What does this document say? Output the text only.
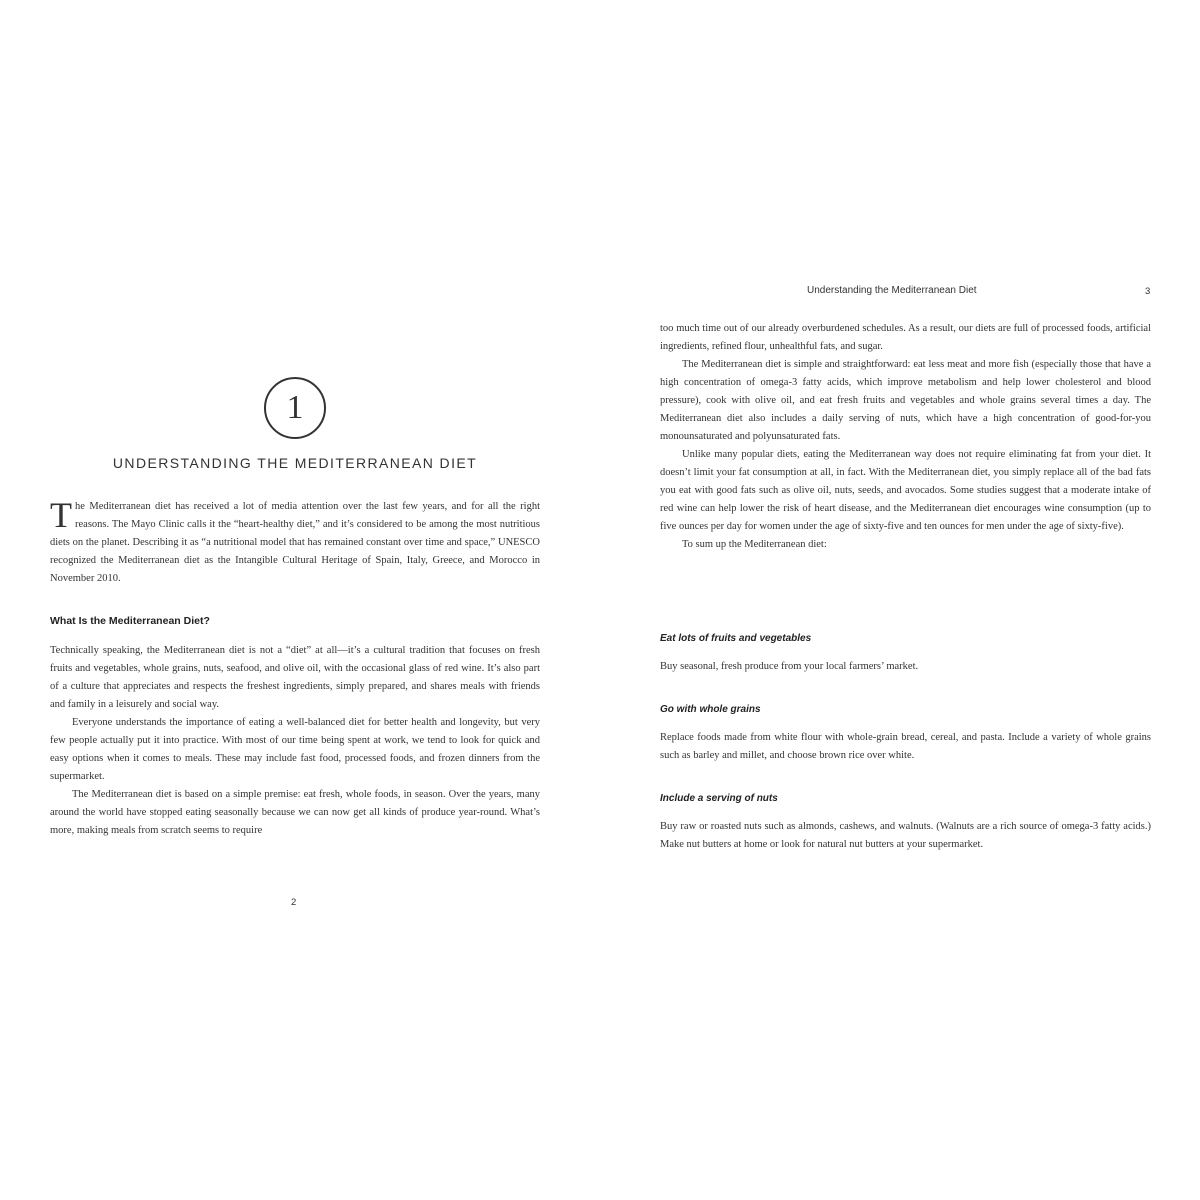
1
UNDERSTANDING THE MEDITERRANEAN DIET

The Mediterranean diet has received a lot of media attention over the last few years, and for all the right reasons. The Mayo Clinic calls it the “heart-healthy diet,” and it’s considered to be among the most nutritious diets on the planet. Describing it as “a nutritional model that has remained constant over time and space,” UNESCO recognized the Mediterranean diet as the Intangible Cultural Heritage of Spain, Italy, Greece, and Morocco in November 2010.

What Is the Mediterranean Diet?

Technically speaking, the Mediterranean diet is not a “diet” at all—it’s a cultural tradition that focuses on fresh fruits and vegetables, whole grains, nuts, seafood, and olive oil, with the occasional glass of red wine. It’s also part of a culture that appreciates and respects the freshest ingredients, simply prepared, and shares meals with friends and family in a leisurely and social way.

Everyone understands the importance of eating a well-balanced diet for better health and longevity, but very few people actually put it into practice. With most of our time being spent at work, we tend to look for quick and easy options when it comes to meals. These may include fast food, processed foods, and frozen dinners from the supermarket.

The Mediterranean diet is based on a simple premise: eat fresh, whole foods, in season. Over the years, many around the world have stopped eating seasonally because we can now get all kinds of produce year-round. What’s more, making meals from scratch seems to require

2
Understanding the Mediterranean Diet	3

too much time out of our already overburdened schedules. As a result, our diets are full of processed foods, artificial ingredients, refined flour, unhealthful fats, and sugar.

The Mediterranean diet is simple and straightforward: eat less meat and more fish (especially those that have a high concentration of omega-3 fatty acids, which improve metabolism and help lower cholesterol and blood pressure), cook with olive oil, and eat fresh fruits and vegetables and whole grains several times a day. The Mediterranean diet also includes a daily serving of nuts, which have a high concentration of good-for-you monounsaturated and polyunsaturated fats.

Unlike many popular diets, eating the Mediterranean way does not require eliminating fat from your diet. It doesn’t limit your fat consumption at all, in fact. With the Mediterranean diet, you simply replace all of the bad fats you eat with good fats such as olive oil, nuts, seeds, and avocados. Some studies suggest that a moderate intake of red wine can help lower the risk of heart disease, and the Mediterranean diet encourages wine consumption (up to five ounces per day for women under the age of sixty-five and ten ounces for men under the age of sixty-five).

To sum up the Mediterranean diet:

Eat lots of fruits and vegetables

Buy seasonal, fresh produce from your local farmers’ market.

Go with whole grains

Replace foods made from white flour with whole-grain bread, cereal, and pasta. Include a variety of whole grains such as barley and millet, and choose brown rice over white.

Include a serving of nuts

Buy raw or roasted nuts such as almonds, cashews, and walnuts. (Walnuts are a rich source of omega-3 fatty acids.) Make nut butters at home or look for natural nut butters at your supermarket.
